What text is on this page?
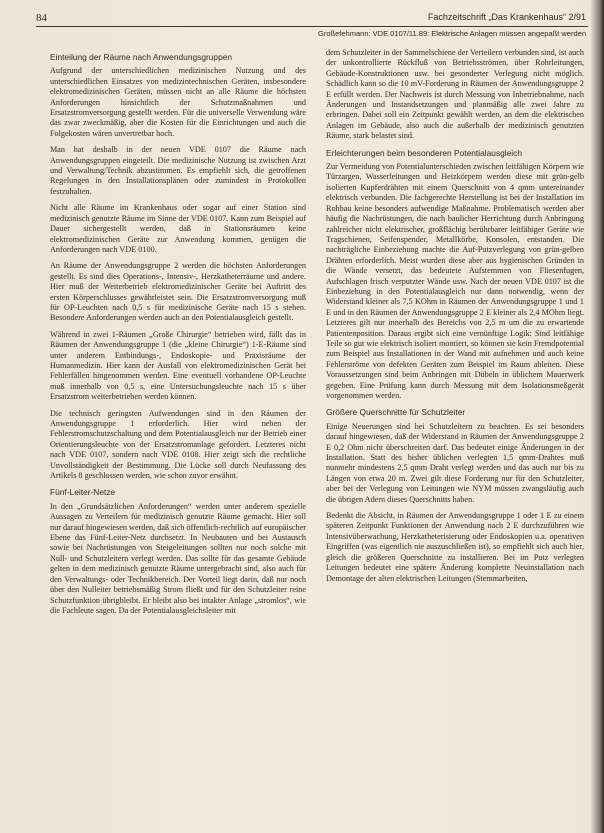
84	Fachzeitschrift „Das Krankenhaus“ 2/91
Großefehmann: VDE 0107/11.89: Elektrische Anlagen müssen angepaßt werden
Einteilung der Räume nach Anwendungsgruppen

Aufgrund der unterschiedlichen medizinischen Nutzung und des unterschiedlichen Einsatzes von medizintechnischen Geräten, insbesondere elektromedizinischen Geräten, müssen nicht an alle Räume die höchsten Anforderungen hinsichtlich der Schutzmaßnahmen und Ersatzstromversorgung gestellt werden. Für die universelle Verwendung wäre das zwar zweckmäßig, aber die Kosten für die Einrichtungen und auch die Folgekosten wären unvertretbar hoch.

Man hat deshalb in der neuen VDE 0107 die Räume nach Anwendungsgruppen eingeteilt. Die medizinische Nutzung ist zwischen Arzt und Verwaltung/Technik abzustimmen. Es empfiehlt sich, die getroffenen Regelungen in den Installationsplänen oder zumindest in Protokollen festzuhalten.

Nicht alle Räume im Krankenhaus oder sogar auf einer Station sind medizinisch genutzte Räume im Sinne der VDE 0107. Kann zum Beispiel auf Dauer sichergestellt werden, daß in Stationsräumen keine elektromedizinischen Geräte zur Anwendung kommen, genügen die Anforderungen nach VDE 0100.

An Räume der Anwendungsgruppe 2 werden die höchsten Anforderungen gestellt. Es sind dies Operations-, Intensiv-, Herzkatheterräume und andere. Hier muß der Weiterbetrieb elektromedizinischer Geräte bei Auftritt des ersten Körperschlusses gewährleistet sein. Die Ersatzstromversorgung muß für OP-Leuchten nach 0,5 s für medizinische Geräte nach 15 s stehen. Besondere Anforderungen werden auch an den Potentialausgleich gestellt.

Während in zwei 1-Räumen „Große Chirurgie“ betrieben wird, fällt das in Räumen der Anwendungsgruppe 1 (die „kleine Chirurgie“) 1-E-Räume sind unter anderem Entbindungs-, Endoskopie- und Praxisräume der Humanmedizin. Hier kann der Ausfall von elektromedizinischen Gerät bei Fehlerfällen hingenommen werden. Eine eventuell vorhandene OP-Leuchte muß innerhalb von 0,5 s, eine Untersuchungsleuchte nach 15 s über Ersatzstrom weiterbetrieben werden können.

Die technisch geringsten Aufwendungen sind in den Räumen der Anwendungsgruppe 1 erforderlich. Hier wird neben der Fehlerstromschutzschaltung und dem Potentialausgleich nur der Betrieb einer Orientierungsleuchte von der Ersatzstromanlage gefordert. Letzteres nicht nach VDE 0107, sondern nach VDE 0108. Hier zeigt sich die rechtliche Unvollständigkeit der Bestimmung. Die Lücke soll durch Neufassung des Artikels 8 geschlossen werden, wie schon zuvor erwähnt.

Fünf-Leiter-Netze

In den „Grundsätzlichen Anforderungen“ werden unter anderem spezielle Aussagen zu Verteilern für medizinisch genutzte Räume gemacht. Hier soll nur darauf hingewiesen werden, daß sich öffentlich-rechtlich auf europäischer Ebene das Fünf-Leiter-Netz durchsetzt. In Neubauten und bei Austausch sowie bei Nachrüstungen von Steigeleitungen sollten nur noch solche mit Null- und Schutzleitern verlegt werden. Das sollte für das gesamte Gebäude gelten in dem medizinisch genutzte Räume untergebracht sind, also auch für den Verwaltungs- oder Technikbereich. Der Vorteil liegt darin, daß nur noch über den Nulleiter betriebsmäßig Strom fließt und für den Schutzleiter reine Schutzfunktion übrigbleibt. Er bleibt also bei intakter Anlage „stromlos“, wie die Fachleute sagen. Da der Potentialausgleichsleiter mit

dem Schutzleiter in der Sammelschiene der Verteilern verbunden sind, ist auch der unkontrollierte Rückfluß von Betriebsströmen, über Rohrleitungen, Gebäude-Konstruktionen usw. bei gesonderter Verlegung nicht möglich. Schädlich kann so die 10 mV-Forderung in Räumen der Anwendungsgruppe 2 E erfüllt werden. Der Nachweis ist durch Messung von Inbetriebnahme, nach Änderungen und Instandsetzungen und planmäßig alle zwei Jahre zu erbringen. Dabei soll ein Zeitpunkt gewählt werden, an dem die elektrischen Anlagen im Gebäude, also auch die außerhalb der medizinisch genutzten Räume, stark belastet sind.

Erleichterungen beim besonderen Potentialausgleich

Zur Vermeidung von Potentialunterschieden zwischen leitfähigen Körpern wie Türzargen, Wasserleitungen und Heizkörpern werden diese mit grün-gelb isolierten Kupferdrähten mit einem Querschnitt von 4 qmm untereinander elektrisch verbunden. Die fachgerechte Herstellung ist bei der Installation im Rohbau keine besonders aufwendige Maßnahme. Problematisch werden aber häufig die Nachrüstungen, die nach baulicher Herrichtung durch Anbringung zahlreicher nicht elektrischer, großflächig berührbarer leitfähiger Geräte wie Tragschienen, Seifenspender, Metallkörbe, Konsolen, entstanden. Die nachträgliche Einbeziehung machte die Auf-Putzverlegung von grün-gelben Drähten erforderlich. Meist wurden diese aber aus hygienischen Gründen in die Wände versetzt, das bedeutete Aufstemmen von Fliesenfugen, Aufschlagen frisch verputzter Wände usw. Nach der neuen VDE 0107 ist die Einbeziehung in den Potentialausgleich nur dann notwendig, wenn der Widerstand kleiner als 7,5 KOhm in Räumen der Anwendungsgruppe 1 und 1 E und in den Räumen der Anwendungsgruppe 2 E kleiner als 2,4 MOhm liegt. Letzteres gilt nur innerhalb des Bereichs von 2,5 m um die zu erwartende Patientenposition. Daraus ergibt sich eine vernünftige Logik: Sind leitfähige Teile so gut wie elektrisch isoliert montiert, so können sie kein Fremdpotential zum Beispiel aus Installationen in der Wand mit aufnehmen und auch keine Fehlerströme von defekten Geräten zum Beispiel im Raum ableiten. Diese Voraussetzungen sind beim Anbringen mit Dübeln in üblichem Mauerwerk gegeben. Eine Prüfung kann durch Messung mit dem Isolationsmeßgerät vorgenommen werden.

Größere Querschnitte für Schutzleiter

Einige Neuerungen sind bei Schutzleitern zu beachten. Es sei besonders darauf hingewiesen, daß der Widerstand in Räumen der Anwendungsgruppe 2 E 0,2 Ohm nicht überschreiten darf. Das bedeutet einige Änderungen in der Installation. Statt des bisher üblichen verlegten 1,5 qmm-Drahtes muß nunmehr mindestens 2,5 qmm Draht verlegt werden und das auch nur bis zu Längen von etwa 20 m. Zwei gilt diese Forderung nur für den Schutzleiter, aber bei der Verlegung von Leitungen wie NYM müssen zwangsläufig auch die übrigen Adern dieses Querschnitts haben.

Bedenkt die Absicht, in Räumen der Anwendungsgruppe 1 oder 1 E zu einem späteren Zeitpunkt Funktionen der Anwendung nach 2 E durchzuführen wie Intensivüberwachung, Herzkatheterisierung oder Endoskopien u.a. operativen Eingriffen (was eigentlich nie auszuschließen ist), so empfiehlt sich auch hier, gleich die größeren Querschnitte zu installieren. Bei im Putz verlegten Leitungen bedeutet eine spätere Änderung komplette Neuinstallation nach Demontage der alten elektrischen Leitungen (Stemmarbeiten,
